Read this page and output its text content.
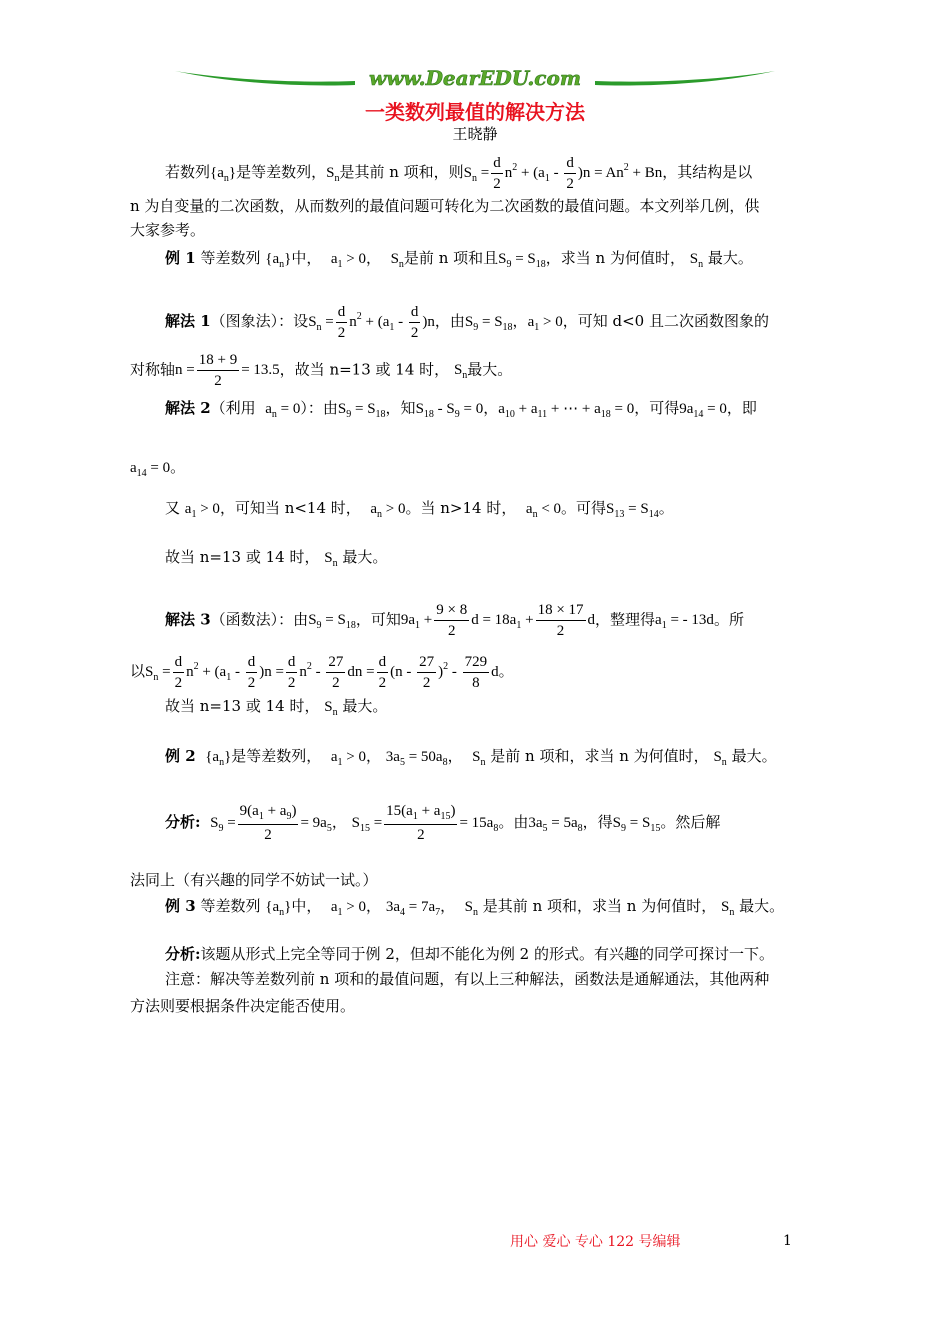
www.DearEDU.com
一类数列最值的解决方法
王晓静
若数列$\{a_n\}$是等差数列，$S_n$是其前 n 项和，则$S_n = \frac{d}{2} n^2 + (a_1 - \frac{d}{2} )n = An^2 + Bn$，其结构是以
n 为自变量的二次函数，从而数列的最值问题可转化为二次函数的最值问题。本文列举几例，供
大家参考。
例 1 等差数列 $\{a_n\}$中， $a_1 > 0$， $S_n$是前 n 项和且$S_9 = S_{18}$，求当 n 为何值时， $S_n$ 最大。
解法 1（图象法）：设$S_n = \frac{d}{2} n^2 + (a_1 - \frac{d}{2} )n$，由$S_9 = S_{18}$，$a_1 > 0$，可知 d<0 且二次函数图象的
对称轴$n = \frac{18 + 9}{2} = 13.5$，故当 n=13 或 14 时， $S_n$最大。
解法 2（利用 $a_n = 0$）：由$S_9 = S_{18}$，知$S_{18} - S_9 = 0$，$a_{10} + a_{11}$ + ⋯ + $a_{18} = 0$，可得$9a_{14} = 0$，即
$a_{14} = 0$。
又 $a_1 > 0$，可知当 n<14 时， $a_n > 0$。当 n>14 时， $a_n < 0$。可得$S_{13} = S_{14}$。
故当 n=13 或 14 时， $S_n$ 最大。
解法 3（函数法）：由$S_9 = S_{18}$，可知$9a_1 + \frac{9 \times 8}{2}$ $d = 18a_1 + \frac{18 \times 17}{2}$ d，整理得$a_1$ = - 13d。所
以$S_n = \frac{d}{2} n^2 + (a_1 - \frac{d}{2} )n = \frac{d}{2} n^2 - \frac{27}{2}$ dn = $\frac{d}{2} (n - \frac{27}{2} )^2 - \frac{729}{8}$ d。
故当 n=13 或 14 时， $S_n$ 最大。
例 2 $\{a_n\}$是等差数列， $a_1 > 0$， $3a_5 = 50a_8$， $S_n$ 是前 n 项和，求当 n 为何值时， $S_n$ 最大。
分析: $S_9 = \frac{9(a_1 + a_9)}{2} = 9a_5$， $S_{15} = \frac{15(a_1 + a_{15})}{2} = 15a_8$。由$3a_5 = 5a_8$，得$S_9 = S_{15}$。然后解
法同上（有兴趣的同学不妨试一试。）
例 3 等差数列 $\{a_n\}$中， $a_1 > 0$， $3a_4 = 7a_7$， $S_n$ 是其前 n 项和，求当 n 为何值时， $S_n$ 最大。
分析:该题从形式上完全等同于例 2，但却不能化为例 2 的形式。有兴趣的同学可探讨一下。
注意：解决等差数列前 n 项和的最值问题，有以上三种解法，函数法是通解通法，其他两种
方法则要根据条件决定能否使用。
用心 爱心 专心 122 号编辑	1
